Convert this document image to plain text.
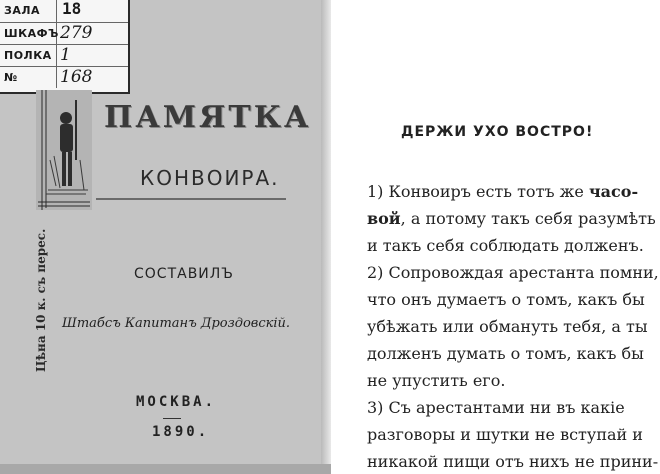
ЗАЛА 18
ШКАФЪ 279
ПОЛКА 1
№ 168
ПАМЯТКА
КОНВОИРА.
Цѣна 10 к. съ перес.	СОСТАВИЛЪ
Штабсъ Капитанъ Дроздовскій.
МОСКВА.
1890.
ДЕРЖИ УХО ВОСТРО!
1) Конвоиръ есть тотъ же часо-
вой, а потому такъ себя разумѣть
и такъ себя соблюдать долженъ.
2) Сопровождая арестанта помни,
что онъ думаетъ о томъ, какъ бы
убѣжать или обмануть тебя, а ты
долженъ думать о томъ, какъ бы
не упустить его.
3) Съ арестантами ни въ какіе
разговоры и шутки не вступай и
никакой пищи отъ нихъ не прини-
